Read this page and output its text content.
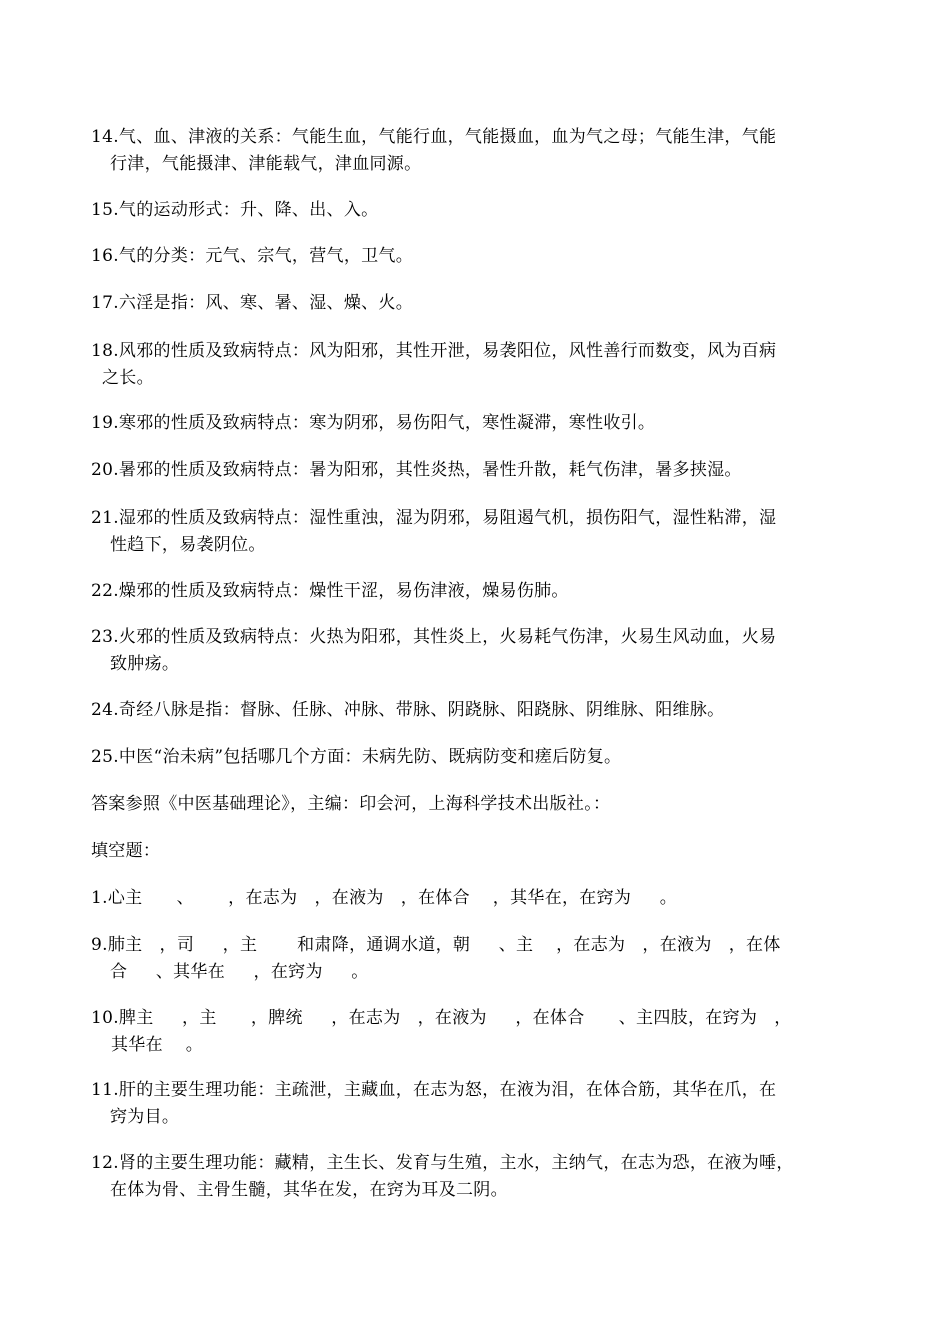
14.气、血、津液的关系：气能生血，气能行血，气能摄血，血为气之母；气能生津，气能
行津，气能摄津、津能载气，津血同源。
15.气的运动形式：升、降、出、入。
16.气的分类：元气、宗气，营气，卫气。
17.六淫是指：风、寒、暑、湿、燥、火。
18.风邪的性质及致病特点：风为阳邪，其性开泄，易袭阳位，风性善行而数变，风为百病
之长。
19.寒邪的性质及致病特点：寒为阴邪，易伤阳气，寒性凝滞，寒性收引。
20.暑邪的性质及致病特点：暑为阳邪，其性炎热，暑性升散，耗气伤津，暑多挟湿。
21.湿邪的性质及致病特点：湿性重浊，湿为阴邪，易阻遏气机，损伤阳气，湿性粘滞，湿
性趋下，易袭阴位。
22.燥邪的性质及致病特点：燥性干涩，易伤津液，燥易伤肺。
23.火邪的性质及致病特点：火热为阳邪，其性炎上，火易耗气伤津，火易生风动血，火易
致肿疡。
24.奇经八脉是指：督脉、任脉、冲脉、带脉、阴跷脉、阳跷脉、阴维脉、阳维脉。
25.中医“治未病”包括哪几个方面：未病先防、既病防变和瘥后防复。
答案参照《中医基础理论》，主编：印会河，上海科学技术出版社。：
填空题：
1.心主      、      ，在志为   ，在液为   ，在体合    ，其华在，在窍为     。
9.肺主   ，司     ，主       和肃降，通调水道，朝     、主    ，在志为   ，在液为   ，在体
合     、其华在     ，在窍为     。
10.脾主     ，主      ，脾统     ，在志为   ，在液为     ，在体合      、主四肢，在窍为   ，
其华在    。
11.肝的主要生理功能：主疏泄，主藏血，在志为怒，在液为泪，在体合筋，其华在爪，在
窍为目。
12.肾的主要生理功能：藏精，主生长、发育与生殖，主水，主纳气，在志为恐，在液为唾，
在体为骨、主骨生髓，其华在发，在窍为耳及二阴。
